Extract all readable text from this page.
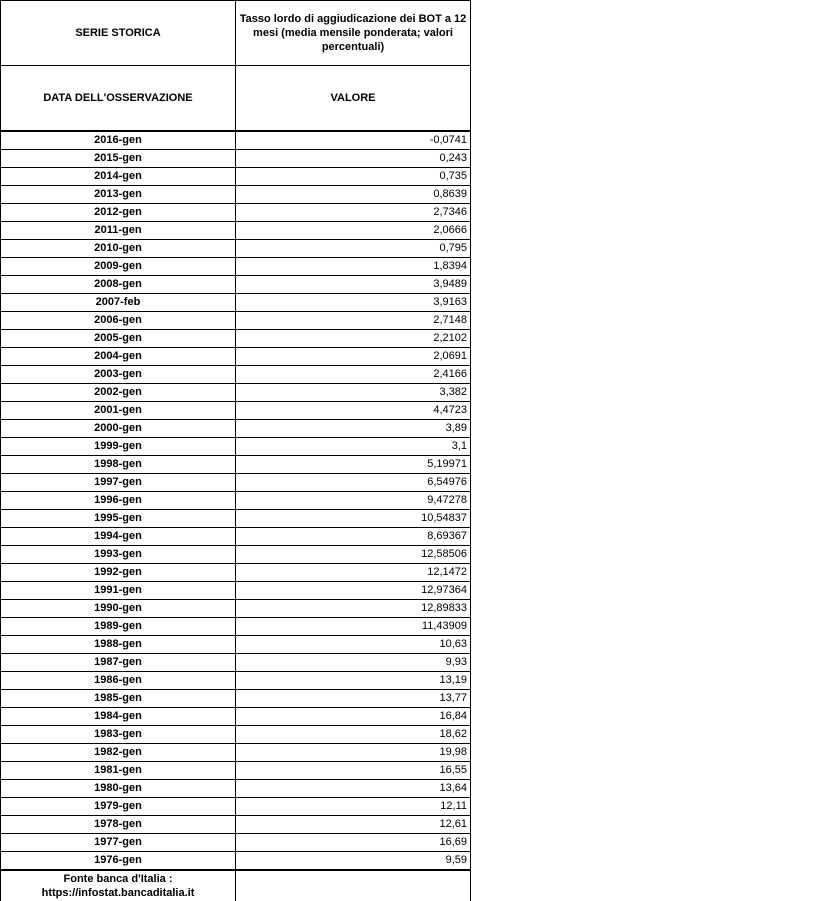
SERIE STORICA	Tasso lordo di aggiudicazione dei BOT a 12 mesi (media mensile ponderata; valori percentuali)
DATA DELL'OSSERVAZIONE	VALORE
2016-gen	-0,0741
2015-gen	0,243
2014-gen	0,735
2013-gen	0,8639
2012-gen	2,7346
2011-gen	2,0666
2010-gen	0,795
2009-gen	1,8394
2008-gen	3,9489
2007-feb	3,9163
2006-gen	2,7148
2005-gen	2,2102
2004-gen	2,0691
2003-gen	2,4166
2002-gen	3,382
2001-gen	4,4723
2000-gen	3,89
1999-gen	3,1
1998-gen	5,19971
1997-gen	6,54976
1996-gen	9,47278
1995-gen	10,54837
1994-gen	8,69367
1993-gen	12,58506
1992-gen	12,1472
1991-gen	12,97364
1990-gen	12,89833
1989-gen	11,43909
1988-gen	10,63
1987-gen	9,93
1986-gen	13,19
1985-gen	13,77
1984-gen	16,84
1983-gen	18,62
1982-gen	19,98
1981-gen	16,55
1980-gen	13,64
1979-gen	12,11
1978-gen	12,61
1977-gen	16,69
1976-gen	9,59

Fonte banca d'Italia :
https://infostat.bancaditalia.it	
